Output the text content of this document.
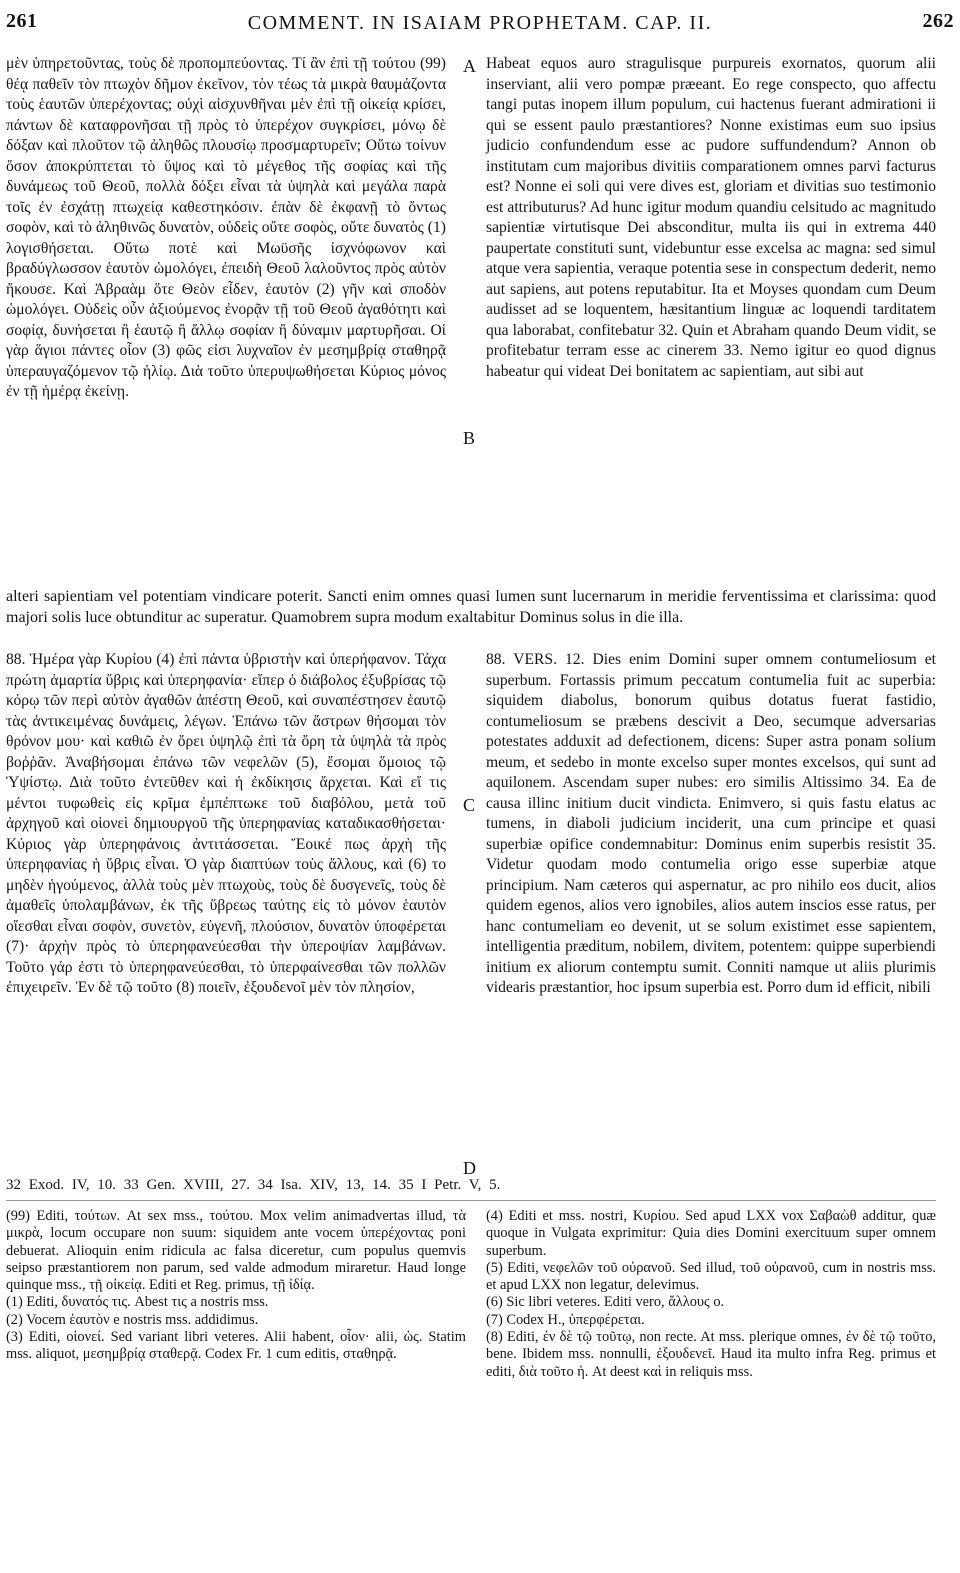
261	COMMENT. IN ISAIAM PROPHETAM. CAP. II.	262

μὲν ὑπηρετοῦντας, τοὺς δὲ προπομπεύοντας. Τί ἂν ἐπὶ τῇ τούτου (99) θέᾳ παθεῖν τὸν πτωχὸν δῆμον ἐκεῖνον, τὸν τέως τὰ μικρὰ θαυμάζοντα τοὺς ἑαυτῶν ὑπερέχοντας; οὐχὶ αἰσχυνθῆναι μὲν ἐπὶ τῇ οἰκείᾳ κρίσει, πάντων δὲ καταφρονῆσαι τῇ πρὸς τὸ ὑπερέχον συγκρίσει, μόνῳ δὲ δόξαν καὶ πλοῦτον τῷ ἀληθῶς πλουσίῳ προσμαρτυρεῖν; Οὕτω τοίνυν ὅσον ἀποκρύπτεται τὸ ὕψος καὶ τὸ μέγεθος τῆς σοφίας καὶ τῆς δυνάμεως τοῦ Θεοῦ, πολλὰ δόξει εἶναι τὰ ὑψηλὰ καὶ μεγάλα παρὰ τοῖς ἐν ἐσχάτῃ πτωχείᾳ καθεστηκόσιν. ἐπὰν δὲ ἐκφανῇ τὸ ὄντως σοφὸν, καὶ τὸ ἀληθινῶς δυνατὸν, οὐδεὶς οὔτε σοφὸς, οὔτε δυνατὸς (1) λογισθήσεται. Οὕτω ποτὲ καὶ Μωϋσῆς ἰσχνόφωνον καὶ βραδύγλωσσον ἑαυτὸν ὡμολόγει, ἐπειδὴ Θεοῦ λαλοῦντος πρὸς αὐτὸν ἤκουσε. Καὶ Ἀβραὰμ ὅτε Θεὸν εἶδεν, ἑαυτὸν (2) γῆν καὶ σποδὸν ὡμολόγει. Οὐδεὶς οὖν ἀξιούμενος ἐνορᾷν τῇ τοῦ Θεοῦ ἀγαθότητι καὶ σοφίᾳ, δυνήσεται ἢ ἑαυτῷ ἢ ἄλλῳ σοφίαν ἢ δύναμιν μαρτυρῆσαι. Οἱ γὰρ ἅγιοι πάντες οἷον (3) φῶς εἰσι λυχναῖον ἐν μεσημβρίᾳ σταθηρᾷ ὑπεραυγαζόμενον τῷ ἡλίῳ. Διὰ τοῦτο ὑπερυψωθήσεται Κύριος μόνος ἐν τῇ ἡμέρᾳ ἐκείνῃ.

Habeat equos auro stragulisque purpureis exornatos, quorum alii inserviant, alii vero pompæ præeant. Eo rege conspecto, quo affectu tangi putas inopem illum populum, cui hactenus fuerant admirationi ii qui se essent paulo præstantiores? Nonne existimas eum suo ipsius judicio confundendum esse ac pudore suffundendum? Annon ob institutam cum majoribus divitiis comparationem omnes parvi facturus est? Nonne ei soli qui vere dives est, gloriam et divitias suo testimonio est attributurus? Ad hunc igitur modum quandiu celsitudo ac magnitudo sapientiæ virtutisque Dei absconditur, multa iis qui in extrema 440 paupertate constituti sunt, videbuntur esse excelsa ac magna: sed simul atque vera sapientia, veraque potentia sese in conspectum dederit, nemo aut sapiens, aut potens reputabitur. Ita et Moyses quondam cum Deum audisset ad se loquentem, hæsitantium linguæ ac loquendi tarditatem qua laborabat, confitebatur 32. Quin et Abraham quando Deum vidit, se profitebatur terram esse ac cinerem 33. Nemo igitur eo quod dignus habeatur qui videat Dei bonitatem ac sapientiam, aut sibi aut

A
B
C
D
alteri sapientiam vel potentiam vindicare poterit. Sancti enim omnes quasi lumen sunt lucernarum in meridie ferventissima et clarissima: quod majori solis luce obtunditur ac superatur. Quamobrem supra modum exaltabitur Dominus solus in die illa.

88. Ἡμέρα γὰρ Κυρίου (4) ἐπὶ πάντα ὑβριστὴν καὶ ὑπερήφανον. Τάχα πρώτη ἁμαρτία ὕβρις καὶ ὑπερηφανία· εἴπερ ὁ διάβολος ἐξυβρίσας τῷ κόρῳ τῶν περὶ αὐτὸν ἀγαθῶν ἀπέστη Θεοῦ, καὶ συναπέστησεν ἑαυτῷ τὰς ἀντικειμένας δυνάμεις, λέγων. Ἐπάνω τῶν ἄστρων θήσομαι τὸν θρόνον μου· καὶ καθιῶ ἐν ὄρει ὑψηλῷ ἐπὶ τὰ ὄρη τὰ ὑψηλὰ τὰ πρὸς βοῤῥᾶν. Ἀναβήσομαι ἐπάνω τῶν νεφελῶν (5), ἔσομαι ὅμοιος τῷ Ὑψίστῳ. Διὰ τοῦτο ἐντεῦθεν καὶ ἡ ἐκδίκησις ἄρχεται. Καὶ εἴ τις μέντοι τυφωθεὶς εἰς κρῖμα ἐμπέπτωκε τοῦ διαβόλου, μετὰ τοῦ ἀρχηγοῦ καὶ οἱονεὶ δημιουργοῦ τῆς ὑπερηφανίας καταδικασθήσεται· Κύριος γὰρ ὑπερηφάνοις ἀντιτάσσεται. Ἔοικέ πως ἀρχὴ τῆς ὑπερηφανίας ἡ ὕβρις εἶναι. Ὁ γὰρ διαπτύων τοὺς ἄλλους, καὶ (6) το μηδὲν ἡγούμενος, ἀλλὰ τοὺς μὲν πτωχοὺς, τοὺς δὲ δυσγενεῖς, τοὺς δὲ ἀμαθεῖς ὑπολαμβάνων, ἐκ τῆς ὕβρεως ταύτης εἰς τὸ μόνον ἑαυτὸν οἴεσθαι εἶναι σοφὸν, συνετὸν, εὐγενῆ, πλούσιον, δυνατὸν ὑποφέρεται (7)· ἀρχὴν πρὸς τὸ ὑπερηφανεύεσθαι τὴν ὑπεροψίαν λαμβάνων. Τοῦτο γάρ ἐστι τὸ ὑπερηφανεύεσθαι, τὸ ὑπερφαίνεσθαι τῶν πολλῶν ἐπιχειρεῖν. Ἐν δὲ τῷ τοῦτο (8) ποιεῖν, ἐξουδενοῖ μὲν τὸν πλησίον,

88. VERS. 12. Dies enim Domini super omnem contumeliosum et superbum. Fortassis primum peccatum contumelia fuit ac superbia: siquidem diabolus, bonorum quibus dotatus fuerat fastidio, contumeliosum se præbens descivit a Deo, secumque adversarias potestates adduxit ad defectionem, dicens: Super astra ponam solium meum, et sedebo in monte excelso super montes excelsos, qui sunt ad aquilonem. Ascendam super nubes: ero similis Altissimo 34. Ea de causa illinc initium ducit vindicta. Enimvero, si quis fastu elatus ac tumens, in diaboli judicium inciderit, una cum principe et quasi superbiæ opifice condemnabitur: Dominus enim superbis resistit 35. Videtur quodam modo contumelia origo esse superbiæ atque principium. Nam cæteros qui aspernatur, ac pro nihilo eos ducit, alios quidem egenos, alios vero ignobiles, alios autem inscios esse ratus, per hanc contumeliam eo devenit, ut se solum existimet esse sapientem, intelligentia præditum, nobilem, divitem, potentem: quippe superbiendi initium ex aliorum contemptu sumit. Conniti namque ut aliis plurimis videaris præstantior, hoc ipsum superbia est. Porro dum id efficit, nibili

32 Exod. IV, 10. 33 Gen. XVIII, 27. 34 Isa. XIV, 13, 14. 35 I Petr. V, 5.

(99) Editi, τούτων. At sex mss., τούτου. Mox velim animadvertas illud, τὰ μικρὰ, locum occupare non suum: siquidem ante vocem ὑπερέχοντας poni debuerat. Alioquin enim ridicula ac falsa diceretur, cum populus quemvis seipso præstantiorem non parum, sed valde admodum miraretur. Haud longe quinque mss., τῇ οἰκείᾳ. Editi et Reg. primus, τῇ ἰδίᾳ.

(1) Editi, δυνατός τις. Abest τις a nostris mss.

(2) Vocem ἑαυτὸν e nostris mss. addidimus.

(3) Editi, οἱονεί. Sed variant libri veteres. Alii habent, οἷον· alii, ὡς. Statim mss. aliquot, μεσημβρίᾳ σταθερᾷ. Codex Fr. 1 cum editis, σταθηρᾷ.

(4) Editi et mss. nostri, Κυρίου. Sed apud LXX vox Σαβαὼθ additur, quæ quoque in Vulgata exprimitur: Quia dies Domini exercituum super omnem superbum.

(5) Editi, νεφελῶν τοῦ οὐρανοῦ. Sed illud, τοῦ οὐρανοῦ, cum in nostris mss. et apud LXX non legatur, delevimus.

(6) Sic libri veteres. Editi vero, ἄλλους ο.

(7) Codex H., ὑπερφέρεται.

(8) Editi, ἐν δὲ τῷ τοῦτῳ, non recte. At mss. plerique omnes, ἐν δὲ τῷ τοῦτο, bene. Ibidem mss. nonnulli, ἐξουδενεῖ. Haud ita multo infra Reg. primus et editi, διὰ τοῦτο ἡ. At deest καὶ in reliquis mss.
